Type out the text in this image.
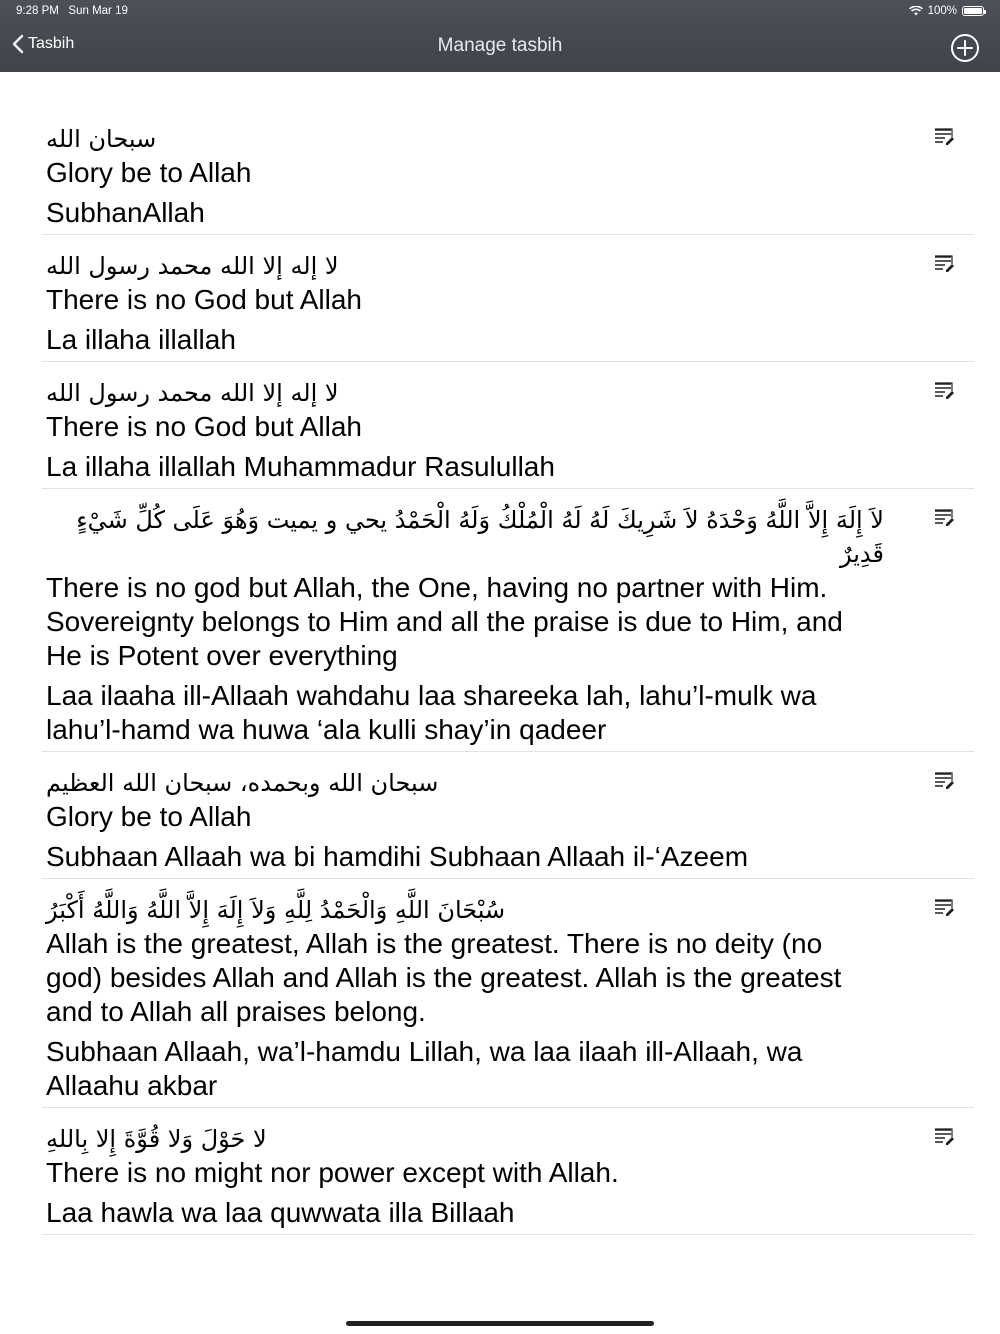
9:28 PM Sun Mar 19	100%
Tasbih	Manage tasbih
سبحان الله
Glory be to Allah
SubhanAllah
لا إله إلا الله محمد رسول الله
There is no God but Allah
La illaha illallah
لا إله إلا الله محمد رسول الله
There is no God but Allah
La illaha illallah Muhammadur Rasulullah
لاَ إِلَهَ إِلاَّ اللَّهُ وَحْدَهُ لاَ شَرِيكَ لَهُ لَهُ الْمُلْكُ وَلَهُ الْحَمْدُ يحي و يميت وَهُوَ عَلَى كُلِّ شَيْءٍ قَدِيرٌ
There is no god but Allah, the One, having no partner with Him. Sovereignty belongs to Him and all the praise is due to Him, and He is Potent over everything
Laa ilaaha ill-Allaah wahdahu laa shareeka lah, lahu’l-mulk wa lahu’l-hamd wa huwa ‘ala kulli shay’in qadeer
سبحان الله وبحمده، سبحان الله العظيم
Glory be to Allah
Subhaan Allaah wa bi hamdihi Subhaan Allaah il-‘Azeem
سُبْحَانَ اللَّهِ وَالْحَمْدُ لِلَّهِ وَلاَ إِلَهَ إِلاَّ اللَّهُ وَاللَّهُ أَكْبَرُ
Allah is the greatest, Allah is the greatest. There is no deity (no god) besides Allah and Allah is the greatest. Allah is the greatest and to Allah all praises belong.
Subhaan Allaah, wa’l-hamdu Lillah, wa laa ilaah ill-Allaah, wa Allaahu akbar
لا حَوْلَ وَلا قُوَّةَ إِلا بِاللهِ
There is no might nor power except with Allah.
Laa hawla wa laa quwwata illa Billaah
